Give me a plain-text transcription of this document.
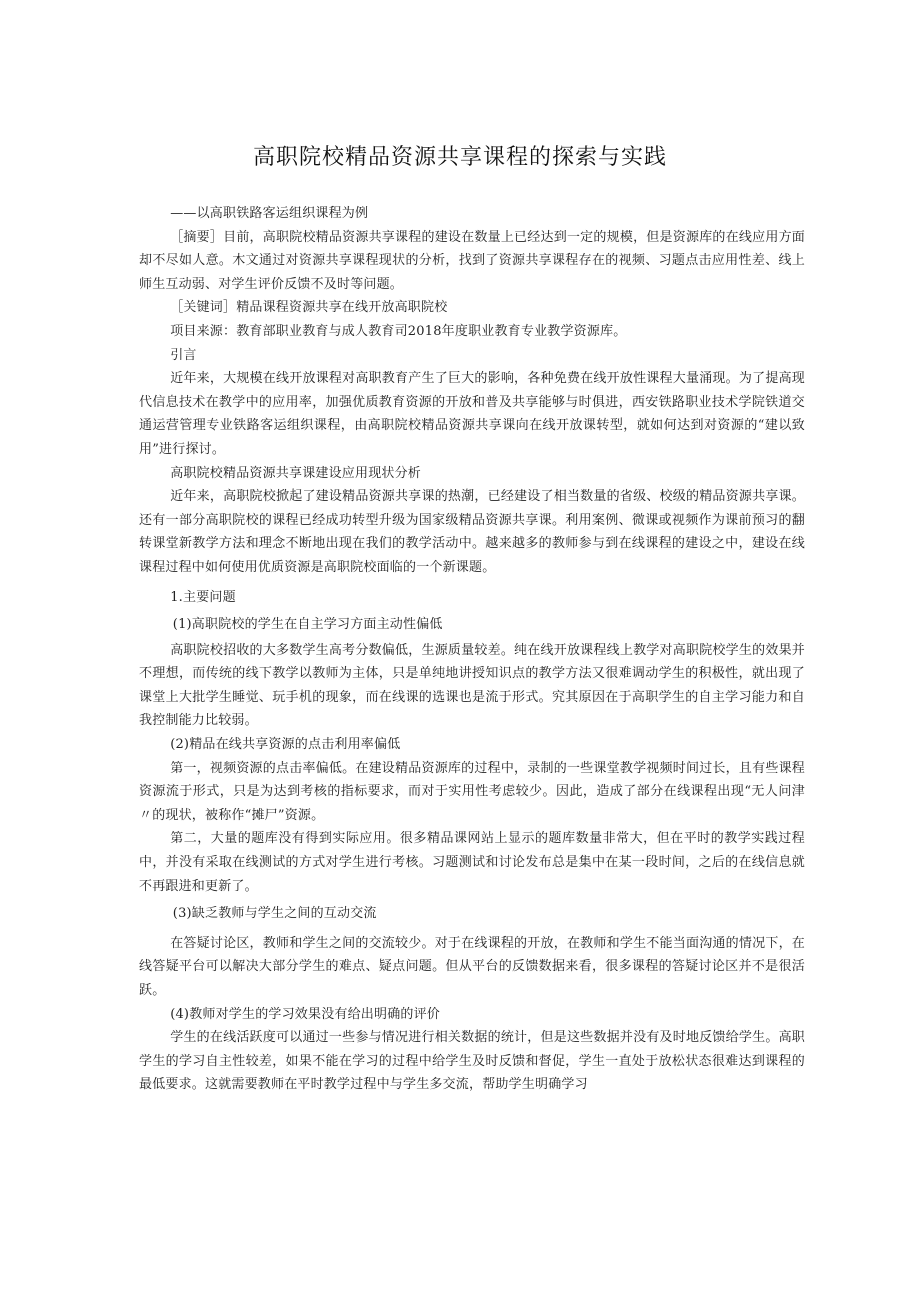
高职院校精品资源共享课程的探索与实践

——以高职铁路客运组织课程为例

［摘要］目前，高职院校精品资源共享课程的建设在数量上已经达到一定的规模，但是资源库的在线应用方面却不尽如人意。木文通过对资源共享课程现状的分析，找到了资源共享课程存在的视频、习题点击应用性差、线上师生互动弱、对学生评价反馈不及时等问题。

［关键词］精品课程资源共享在线开放高职院校

项目来源：教育部职业教育与成人教育司2018年度职业教育专业教学资源库。

引言

近年来，大规模在线开放课程对高职教育产生了巨大的影响，各种免费在线开放性课程大量涌现。为了提高现代信息技术在教学中的应用率，加强优质教育资源的开放和普及共享能够与时俱进，西安铁路职业技术学院铁道交通运营管理专业铁路客运组织课程，由高职院校精品资源共享课向在线开放课转型，就如何达到对资源的“建以致用”进行探讨。

高职院校精品资源共享课建设应用现状分析

近年来，高职院校掀起了建设精品资源共享课的热潮，已经建设了相当数量的省级、校级的精品资源共享课。还有一部分高职院校的课程已经成功转型升级为国家级精品资源共享课。利用案例、微课或视频作为课前预习的翻转课堂新教学方法和理念不断地出现在我们的教学活动中。越来越多的教师参与到在线课程的建设之中，建设在线课程过程中如何使用优质资源是高职院校面临的一个新课题。

1.主要问题

(1)高职院校的学生在自主学习方面主动性偏低

高职院校招收的大多数学生高考分数偏低，生源质量较差。纯在线开放课程线上教学对高职院校学生的效果并不理想，而传统的线下教学以教师为主体，只是单纯地讲授知识点的教学方法又很难调动学生的积极性，就出现了课堂上大批学生睡觉、玩手机的现象，而在线课的选课也是流于形式。究其原因在于高职学生的自主学习能力和自我控制能力比较弱。

(2)精品在线共享资源的点击利用率偏低

第一，视频资源的点击率偏低。在建设精品资源库的过程中，录制的一些课堂教学视频时间过长，且有些课程资源流于形式，只是为达到考核的指标要求，而对于实用性考虑较少。因此，造成了部分在线课程出现“无人问津〃的现状，被称作“摊尸”资源。

第二，大量的题库没有得到实际应用。很多精品课网站上显示的题库数量非常大，但在平时的教学实践过程中，并没有采取在线测试的方式对学生进行考核。习题测试和讨论发布总是集中在某一段时间，之后的在线信息就不再跟进和更新了。

(3)缺乏教师与学生之间的互动交流

在答疑讨论区，教师和学生之间的交流较少。对于在线课程的开放，在教师和学生不能当面沟通的情况下，在线答疑平台可以解决大部分学生的难点、疑点问题。但从平台的反馈数据来看，很多课程的答疑讨论区并不是很活跃。

(4)教师对学生的学习效果没有给出明确的评价

学生的在线活跃度可以通过一些参与情况进行相关数据的统计，但是这些数据并没有及时地反馈给学生。高职学生的学习自主性较差，如果不能在学习的过程中给学生及时反馈和督促，学生一直处于放松状态很难达到课程的最低要求。这就需要教师在平时教学过程中与学生多交流，帮助学生明确学习
